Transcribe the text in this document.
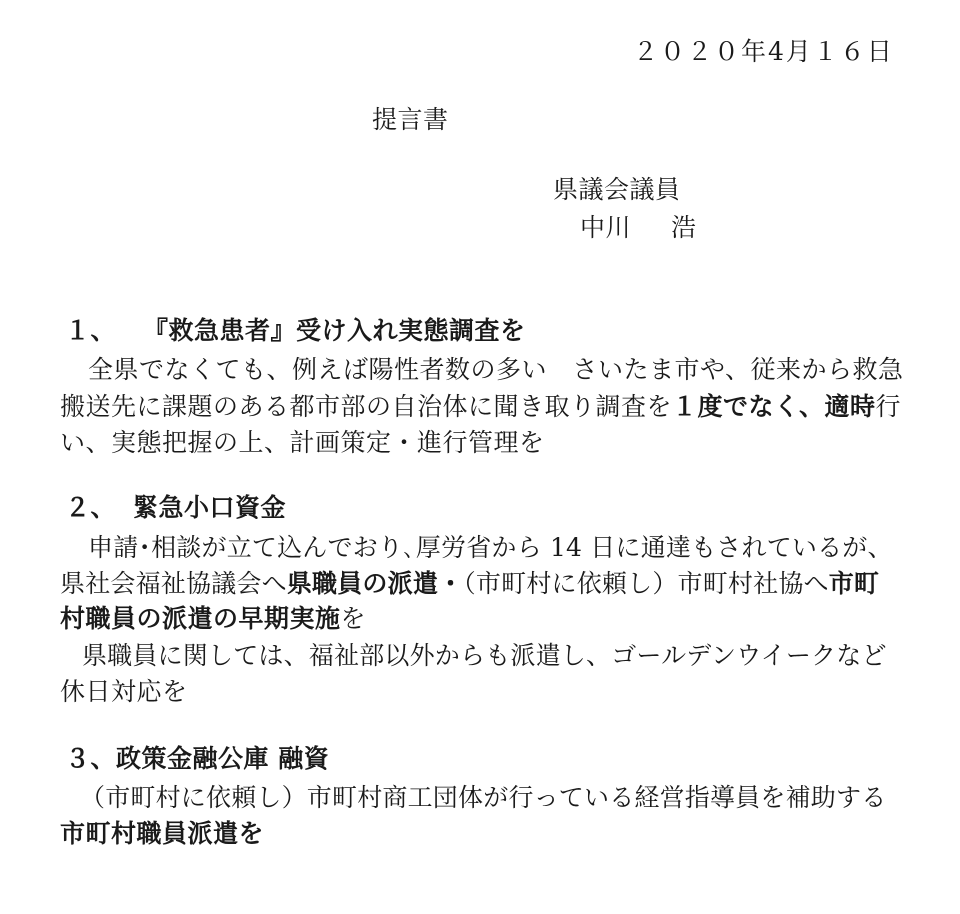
２０２０年4月１６日
提言書
県議会議員
中川 浩
１、 『救急患者』受け入れ実態調査を
全県でなくても、例えば陽性者数の多い　さいたま市や、従来から救急
搬送先に課題のある都市部の自治体に聞き取り調査を１度でなく、適時行
い、実態把握の上、計画策定・進行管理を
２、 緊急小口資金
申請･相談が立て込んでおり､厚労省から 14 日に通達もされているが、
県社会福祉協議会へ県職員の派遣・（市町村に依頼し）市町村社協へ市町
村職員の派遣の早期実施を
県職員に関しては、福祉部以外からも派遣し、ゴールデンウイークなど
休日対応を
３、政策金融公庫 融資
（市町村に依頼し）市町村商工団体が行っている経営指導員を補助する
市町村職員派遣を
